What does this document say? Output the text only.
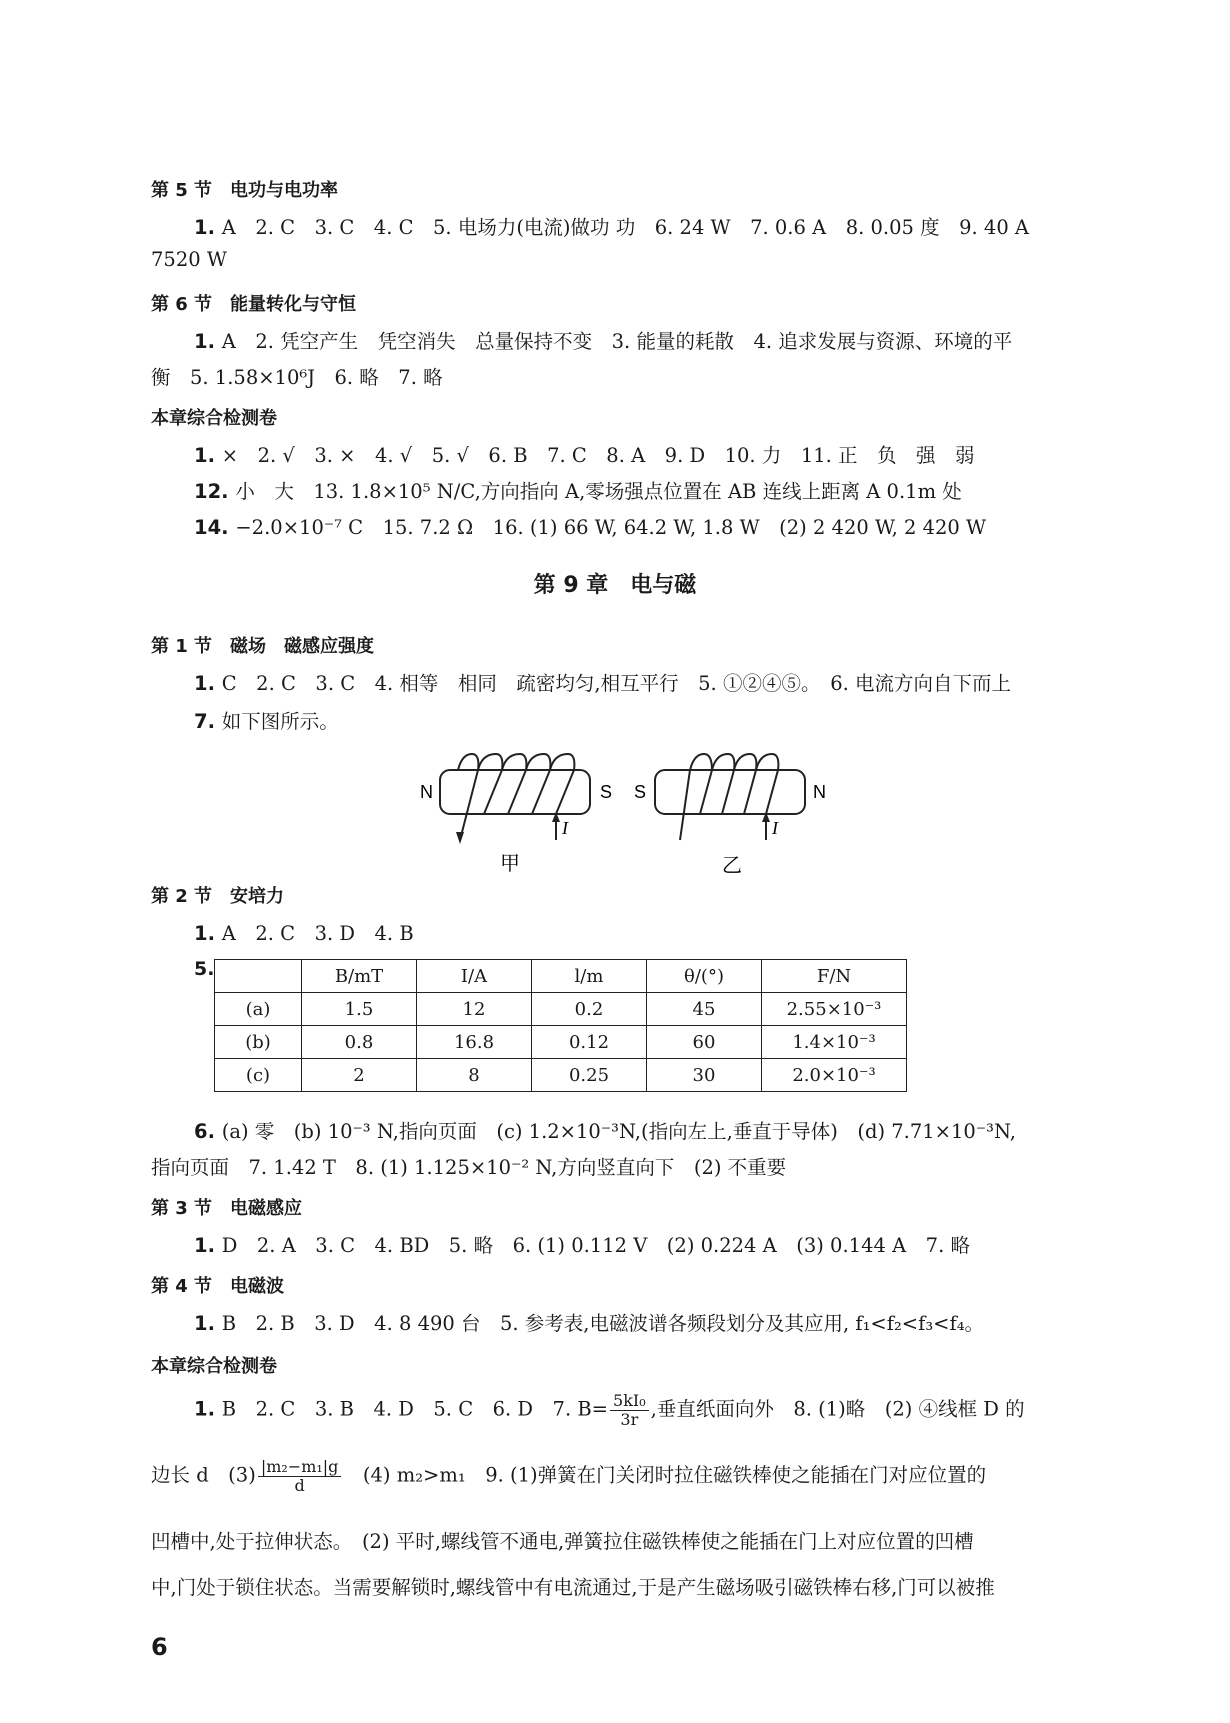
第 5 节　电功与电功率
1. A　2. C　3. C　4. C　5. 电场力(电流)做功 功　6. 24 W　7. 0.6 A　8. 0.05 度　9. 40 A
7520 W
第 6 节　能量转化与守恒
1. A　2. 凭空产生　凭空消失　总量保持不变　3. 能量的耗散　4. 追求发展与资源、环境的平
衡　5. 1.58×10⁶J　6. 略　7. 略
本章综合检测卷
1. ×　2. √　3. ×　4. √　5. √　6. B　7. C　8. A　9. D　10. 力　11. 正　负　强　弱
12. 小　大　13. 1.8×10⁵ N/C,方向指向 A,零场强点位置在 AB 连线上距离 A 0.1m 处
14. −2.0×10⁻⁷ C　15. 7.2 Ω　16. (1) 66 W, 64.2 W, 1.8 W　(2) 2 420 W, 2 420 W
第 9 章　电与磁
第 1 节　磁场　磁感应强度
1. C　2. C　3. C　4. 相等　相同　疏密均匀,相互平行　5. ①②④⑤。　6. 电流方向自下而上
7. 如下图所示。
N	S
I
甲
S	N
I
乙
第 2 节　安培力
1. A　2. C　3. D　4. B
5.
		B/mT	I/A	l/m	θ/(°)	F/N
(a)	1.5	12	0.2	45	2.55×10⁻³
(b)	0.8	16.8	0.12	60	1.4×10⁻³
(c)	2	8	0.25	30	2.0×10⁻³
6. (a) 零　(b) 10⁻³ N,指向页面　(c) 1.2×10⁻³N,(指向左上,垂直于导体)　(d) 7.71×10⁻³N,
指向页面　7. 1.42 T　8. (1) 1.125×10⁻² N,方向竖直向下　(2) 不重要
第 3 节　电磁感应
1. D　2. A　3. C　4. BD　5. 略　6. (1) 0.112 V　(2) 0.224 A　(3) 0.144 A　7. 略
第 4 节　电磁波
1. B　2. B　3. D　4. 8 490 台　5. 参考表,电磁波谱各频段划分及其应用, f₁<f₂<f₃<f₄。
本章综合检测卷
1. B　2. C　3. B　4. D　5. C　6. D　7. $B= \frac{\text{5kI₀}}{3r}$ ,垂直纸面向外　8. (1)略　(2) ④线框 D 的
边长 d　$(3) \frac{\text{|m₂−m₁|g}}{d}$ 　(4) m₂>m₁　9. (1)弹簧在门关闭时拉住磁铁棒使之能插在门对应位置的
凹槽中,处于拉伸状态。　(2) 平时,螺线管不通电,弹簧拉住磁铁棒使之能插在门上对应位置的凹槽
中,门处于锁住状态。当需要解锁时,螺线管中有电流通过,于是产生磁场吸引磁铁棒右移,门可以被推
6
